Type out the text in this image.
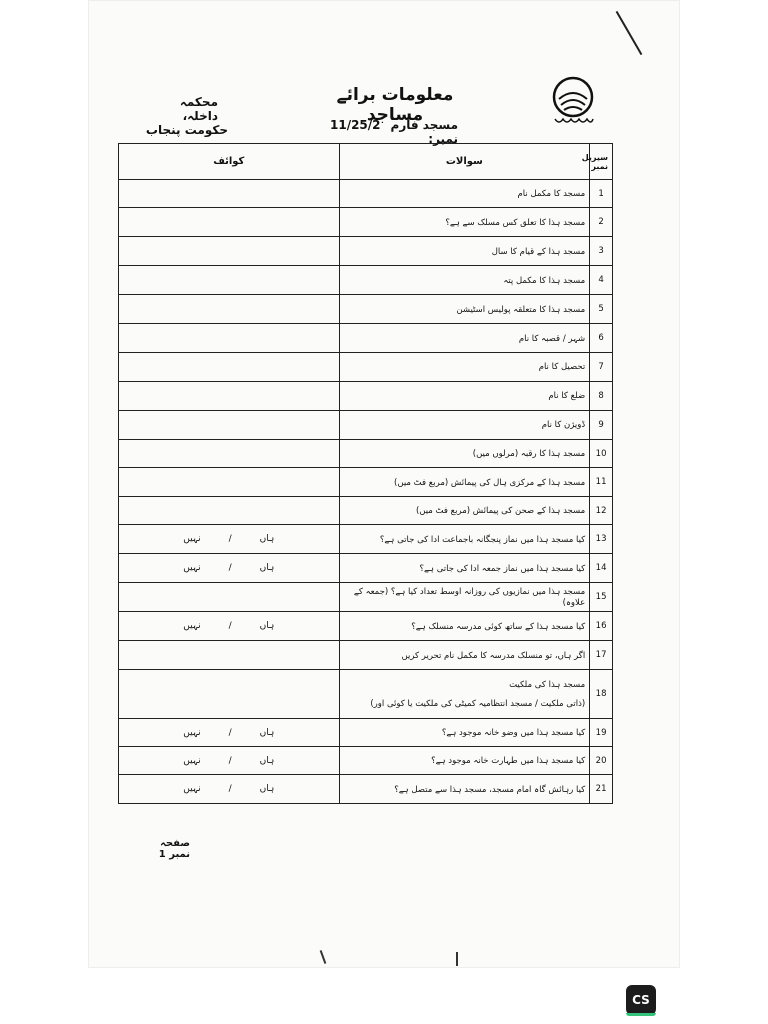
معلومات برائے مساجد
محکمہ داخلہ،
حکومت پنجاب	11/25/2 مسجد فارم نمبر:
کوائف	سوالات	سیریل نمبر

	مسجد کا مکمل نام	1

	مسجد ہذا کا تعلق کس مسلک سے ہے؟	2

	مسجد ہذا کے قیام کا سال	3

	مسجد ہذا کا مکمل پتہ	4

	مسجد ہذا کا متعلقہ پولیس اسٹیشن	5

	شہر / قصبہ کا نام	6

	تحصیل کا نام	7

	ضلع کا نام	8

	ڈویژن کا نام	9

	مسجد ہذا کا رقبہ (مرلوں میں)	10

	مسجد ہذا کے مرکزی ہال کی پیمائش (مربع فٹ میں)	11

	مسجد ہذا کے صحن کی پیمائش (مربع فٹ میں)	12
ہاں/نہیں	کیا مسجد ہذا میں نماز پنجگانہ باجماعت ادا کی جاتی ہے؟	13
ہاں/نہیں	کیا مسجد ہذا میں نماز جمعہ ادا کی جاتی ہے؟	14

	مسجد ہذا میں نمازیوں کی روزانہ اوسط تعداد کیا ہے؟ (جمعہ کے علاوہ)	15
ہاں/نہیں	کیا مسجد ہذا کے ساتھ کوئی مدرسہ منسلک ہے؟	16

	اگر ہاں، تو منسلک مدرسہ کا مکمل نام تحریر کریں	17

	مسجد ہذا کی ملکیت
(ذاتی ملکیت / مسجد انتظامیہ کمیٹی کی ملکیت یا کوئی اور)	18
ہاں/نہیں	کیا مسجد ہذا میں وضو خانہ موجود ہے؟	19
ہاں/نہیں	کیا مسجد ہذا میں طہارت خانہ موجود ہے؟	20
ہاں/نہیں	کیا رہائش گاہ امام مسجد، مسجد ہذا سے متصل ہے؟	21
صفحہ نمبر 1
CS
